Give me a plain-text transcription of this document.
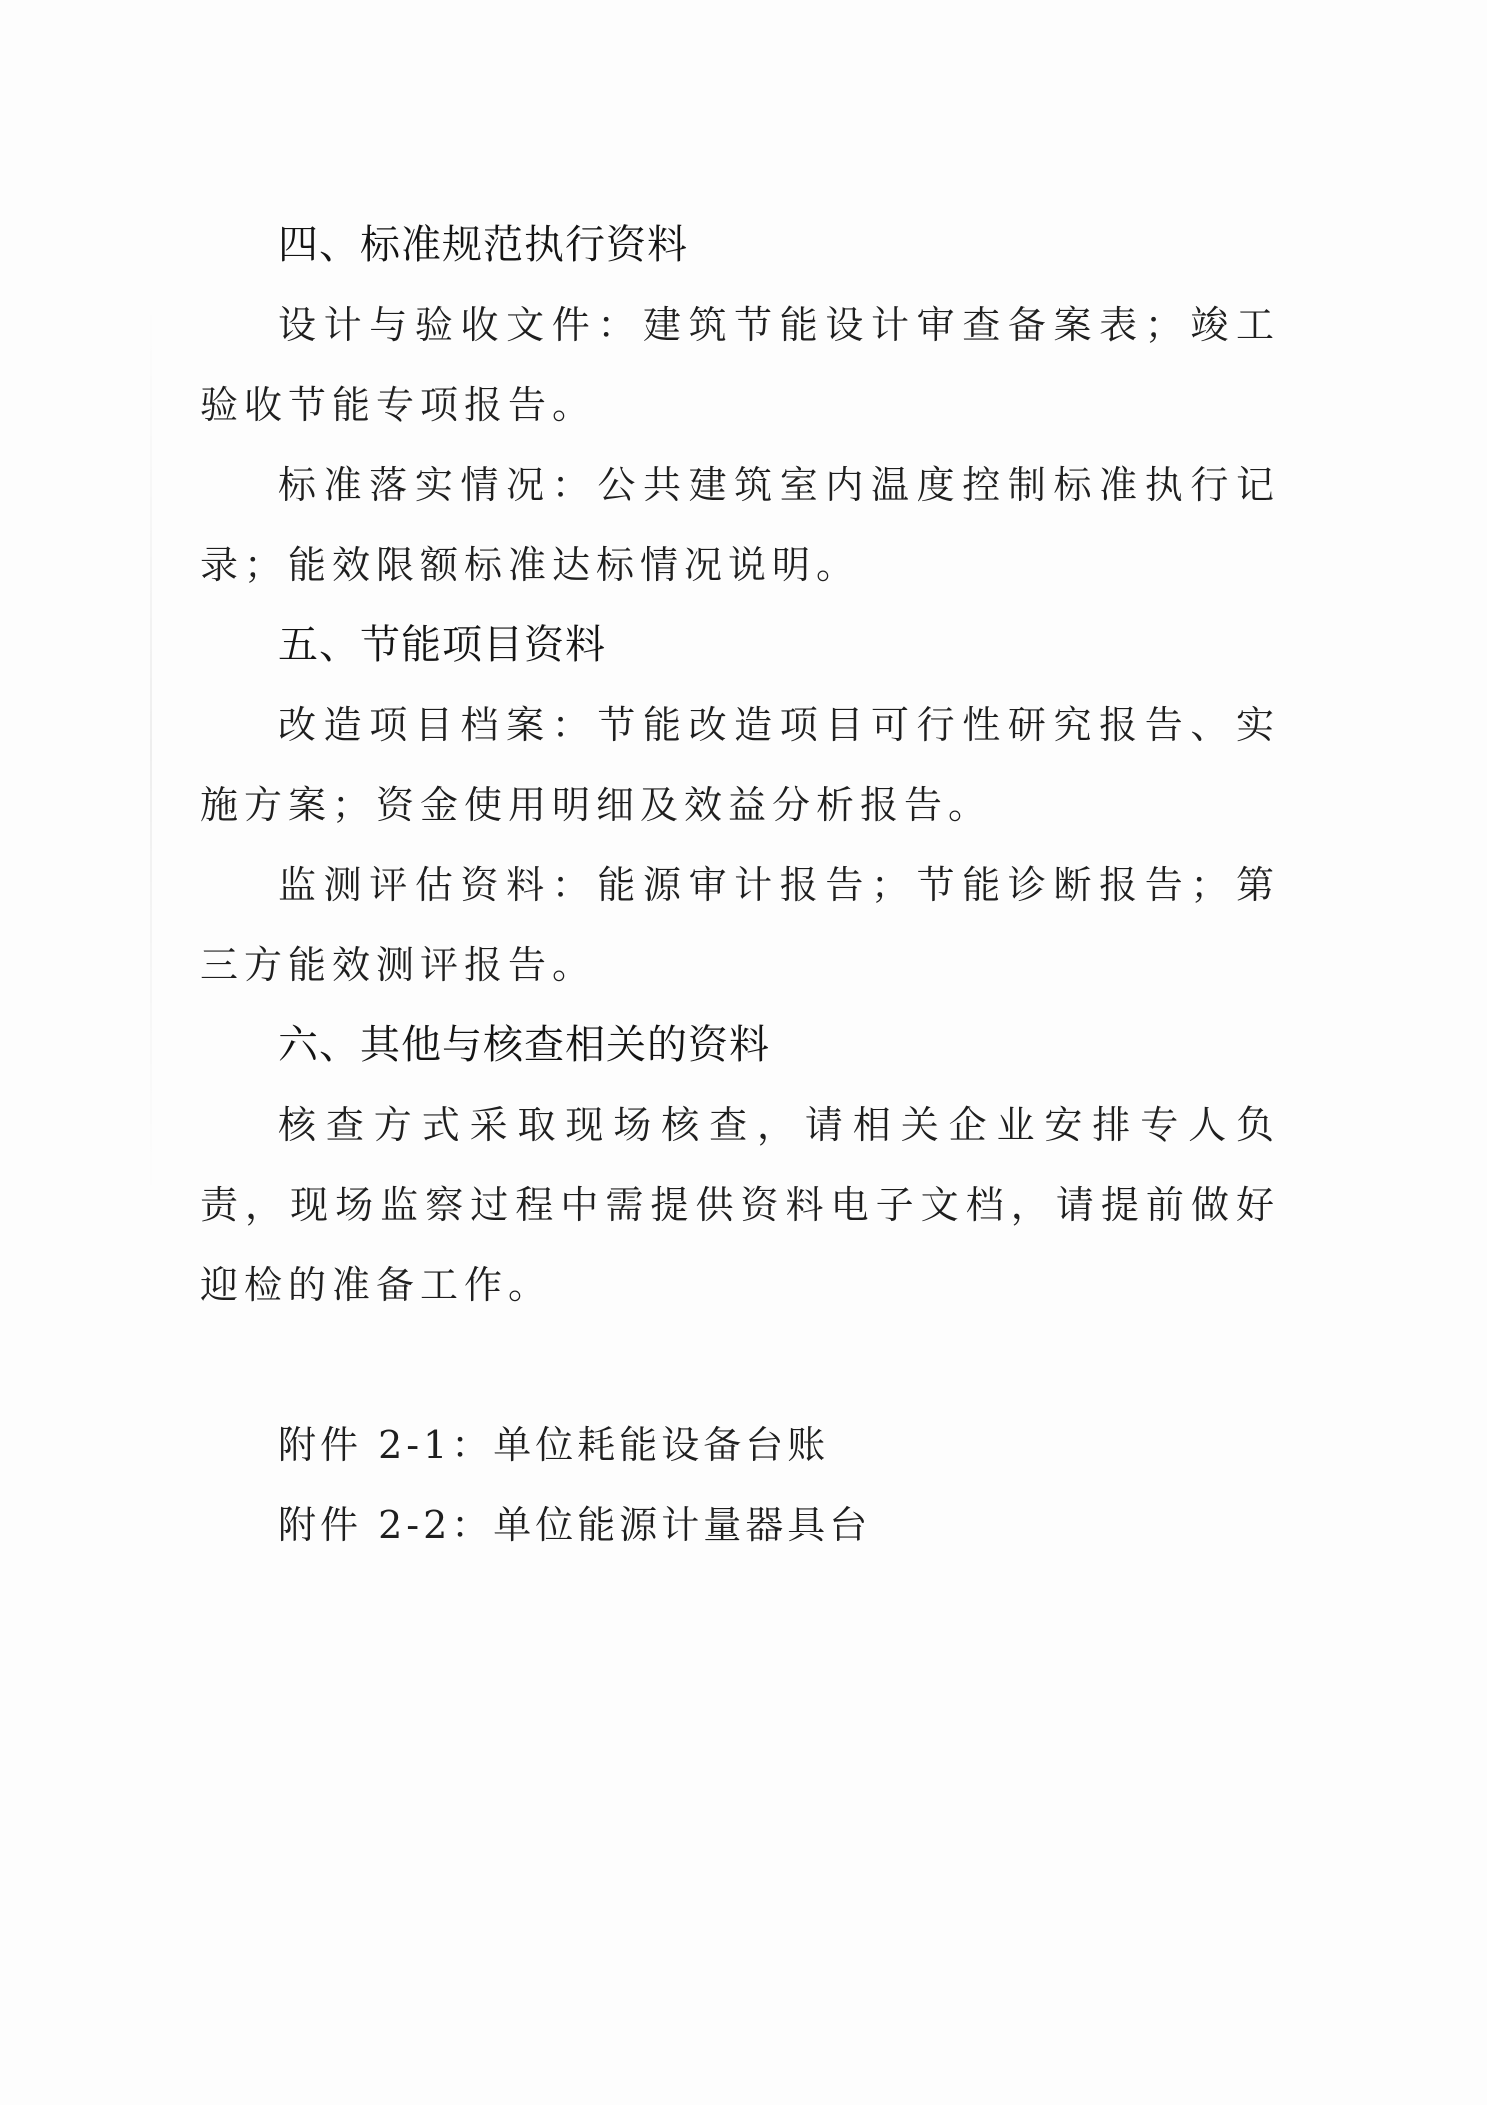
四、标准规范执行资料

设计与验收文件：建筑节能设计审查备案表；竣工验收节能专项报告。

标准落实情况：公共建筑室内温度控制标准执行记录；能效限额标准达标情况说明。

五、节能项目资料

改造项目档案：节能改造项目可行性研究报告、实施方案；资金使用明细及效益分析报告。

监测评估资料：能源审计报告；节能诊断报告；第三方能效测评报告。

六、其他与核查相关的资料

核查方式采取现场核查，请相关企业安排专人负责，现场监察过程中需提供资料电子文档，请提前做好迎检的准备工作。

附件 2-1：单位耗能设备台账

附件 2-2：单位能源计量器具台
